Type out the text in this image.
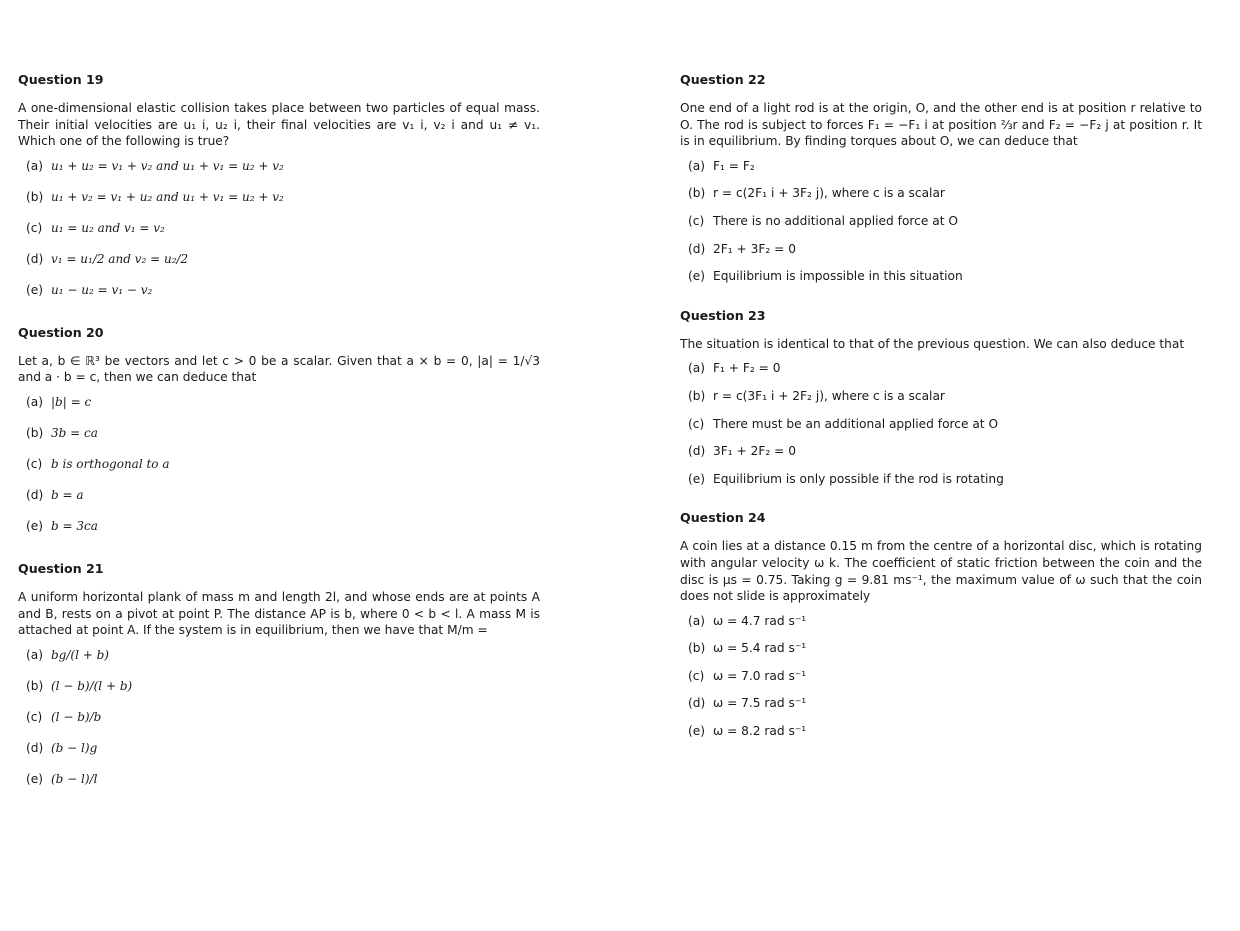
Question 19

A one-dimensional elastic collision takes place between two particles of equal mass. Their initial velocities are u₁ i, u₂ i, their final velocities are v₁ i, v₂ i and u₁ ≠ v₁. Which one of the following is true?

(a) u₁ + u₂ = v₁ + v₂ and u₁ + v₁ = u₂ + v₂
(b) u₁ + v₂ = v₁ + u₂ and u₁ + v₁ = u₂ + v₂
(c) u₁ = u₂ and v₁ = v₂
(d) v₁ = u₁/2 and v₂ = u₂/2
(e) u₁ − u₂ = v₁ − v₂
Question 20

Let a, b ∈ ℝ³ be vectors and let c > 0 be a scalar. Given that a × b = 0, |a| = 1/√3 and a · b = c, then we can deduce that

(a) |b| = c
(b) 3b = ca
(c) b is orthogonal to a
(d) b = a
(e) b = 3ca
Question 21

A uniform horizontal plank of mass m and length 2l, and whose ends are at points A and B, rests on a pivot at point P. The distance AP is b, where 0 < b < l. A mass M is attached at point A. If the system is in equilibrium, then we have that M/m =

(a) bg/(l + b)
(b) (l − b)/(l + b)
(c) (l − b)/b
(d) (b − l)g
(e) (b − l)/l
Question 22

One end of a light rod is at the origin, O, and the other end is at position r relative to O. The rod is subject to forces F₁ = −F₁ i at position ⅔r and F₂ = −F₂ j at position r. It is in equilibrium. By finding torques about O, we can deduce that

(a) F₁ = F₂
(b) r = c(2F₁ i + 3F₂ j), where c is a scalar
(c) There is no additional applied force at O
(d) 2F₁ + 3F₂ = 0
(e) Equilibrium is impossible in this situation
Question 23

The situation is identical to that of the previous question. We can also deduce that

(a) F₁ + F₂ = 0
(b) r = c(3F₁ i + 2F₂ j), where c is a scalar
(c) There must be an additional applied force at O
(d) 3F₁ + 2F₂ = 0
(e) Equilibrium is only possible if the rod is rotating
Question 24

A coin lies at a distance 0.15 m from the centre of a horizontal disc, which is rotating with angular velocity ω k. The coefficient of static friction between the coin and the disc is μs = 0.75. Taking g = 9.81 ms⁻¹, the maximum value of ω such that the coin does not slide is approximately

(a) ω = 4.7 rad s⁻¹
(b) ω = 5.4 rad s⁻¹
(c) ω = 7.0 rad s⁻¹
(d) ω = 7.5 rad s⁻¹
(e) ω = 8.2 rad s⁻¹
